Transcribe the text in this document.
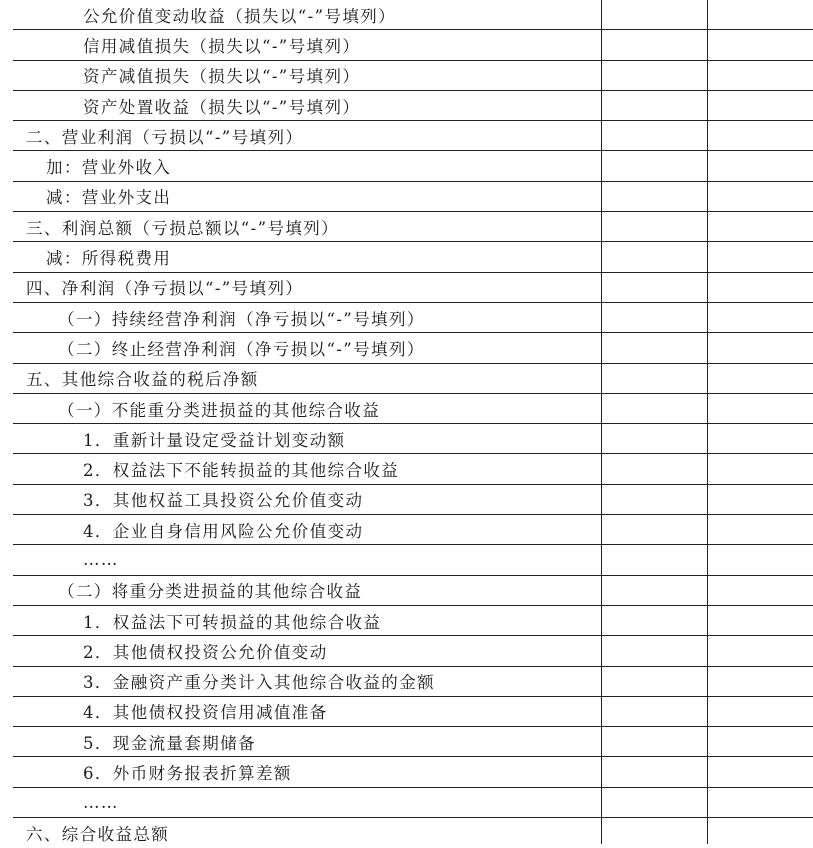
公允价值变动收益（损失以“-”号填列）
信用减值损失（损失以“-”号填列）
资产减值损失（损失以“-”号填列）
资产处置收益（损失以“-”号填列）
二、营业利润（亏损以“-”号填列）
加：营业外收入
减：营业外支出
三、利润总额（亏损总额以“-”号填列）
减：所得税费用
四、净利润（净亏损以“-”号填列）
（一）持续经营净利润（净亏损以“-”号填列）
（二）终止经营净利润（净亏损以“-”号填列）
五、其他综合收益的税后净额
（一）不能重分类进损益的其他综合收益
1．重新计量设定受益计划变动额
2．权益法下不能转损益的其他综合收益
3．其他权益工具投资公允价值变动
4．企业自身信用风险公允价值变动
……
（二）将重分类进损益的其他综合收益
1．权益法下可转损益的其他综合收益
2．其他债权投资公允价值变动
3．金融资产重分类计入其他综合收益的金额
4．其他债权投资信用减值准备
5．现金流量套期储备
6．外币财务报表折算差额
……
六、综合收益总额
